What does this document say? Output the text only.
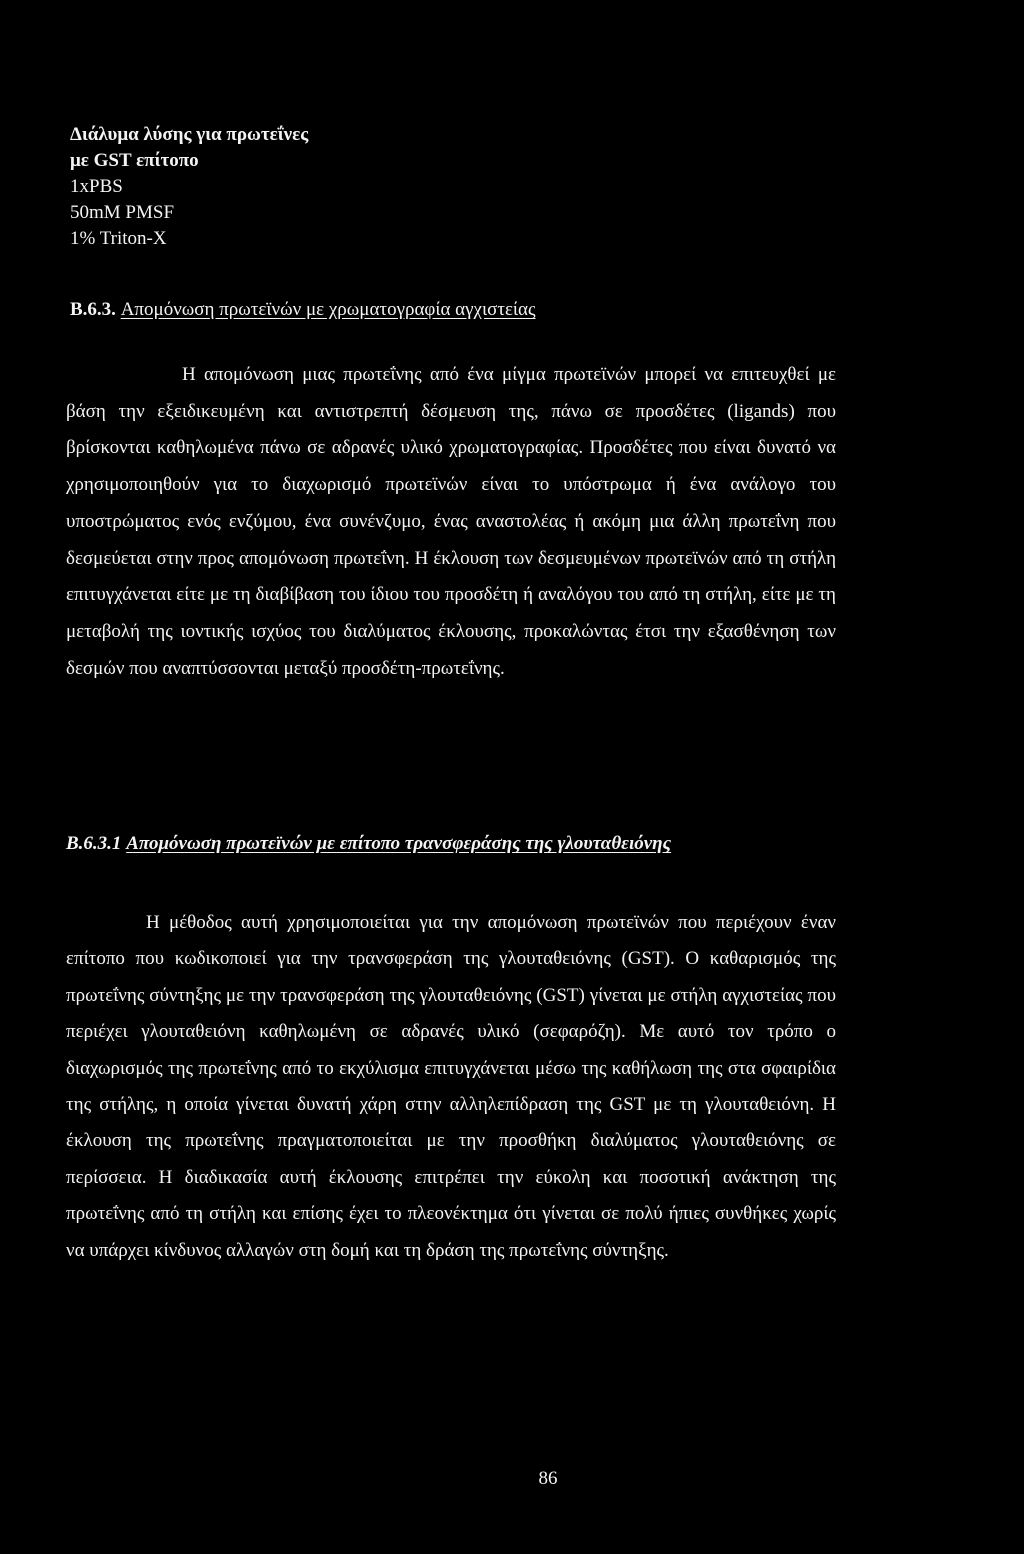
Διάλυμα λύσης για πρωτεΐνες
με GST επίτοπο
1xPBS
50mM PMSF
1% Triton-X
B.6.3. Απομόνωση πρωτεϊνών με χρωματογραφία αγχιστείας

Η απομόνωση μιας πρωτεΐνης από ένα μίγμα πρωτεϊνών μπορεί να επιτευχθεί με βάση την εξειδικευμένη και αντιστρεπτή δέσμευση της, πάνω σε προσδέτες (ligands) που βρίσκονται καθηλωμένα πάνω σε αδρανές υλικό χρωματογραφίας. Προσδέτες που είναι δυνατό να χρησιμοποιηθούν για το διαχωρισμό πρωτεϊνών είναι το υπόστρωμα ή ένα ανάλογο του υποστρώματος ενός ενζύμου, ένα συνένζυμο, ένας αναστολέας ή ακόμη μια άλλη πρωτεΐνη που δεσμεύεται στην προς απομόνωση πρωτεΐνη. Η έκλουση των δεσμευμένων πρωτεϊνών από τη στήλη επιτυγχάνεται είτε με τη διαβίβαση του ίδιου του προσδέτη ή αναλόγου του από τη στήλη, είτε με τη μεταβολή της ιοντικής ισχύος του διαλύματος έκλουσης, προκαλώντας έτσι την εξασθένηση των δεσμών που αναπτύσσονται μεταξύ προσδέτη-πρωτεΐνης.

B.6.3.1 Απομόνωση πρωτεϊνών με επίτοπο τρανσφεράσης της γλουταθειόνης

Η μέθοδος αυτή χρησιμοποιείται για την απομόνωση πρωτεϊνών που περιέχουν έναν επίτοπο που κωδικοποιεί για την τρανσφεράση της γλουταθειόνης (GST). Ο καθαρισμός της πρωτεΐνης σύντηξης με την τρανσφεράση της γλουταθειόνης (GST) γίνεται με στήλη αγχιστείας που περιέχει γλουταθειόνη καθηλωμένη σε αδρανές υλικό (σεφαρόζη). Με αυτό τον τρόπο ο διαχωρισμός της πρωτεΐνης από το εκχύλισμα επιτυγχάνεται μέσω της καθήλωση της στα σφαιρίδια της στήλης, η οποία γίνεται δυνατή χάρη στην αλληλεπίδραση της GST με τη γλουταθειόνη. Η έκλουση της πρωτεΐνης πραγματοποιείται με την προσθήκη διαλύματος γλουταθειόνης σε περίσσεια. Η διαδικασία αυτή έκλουσης επιτρέπει την εύκολη και ποσοτική ανάκτηση της πρωτεΐνης από τη στήλη και επίσης έχει το πλεονέκτημα ότι γίνεται σε πολύ ήπιες συνθήκες χωρίς να υπάρχει κίνδυνος αλλαγών στη δομή και τη δράση της πρωτεΐνης σύντηξης.

86
